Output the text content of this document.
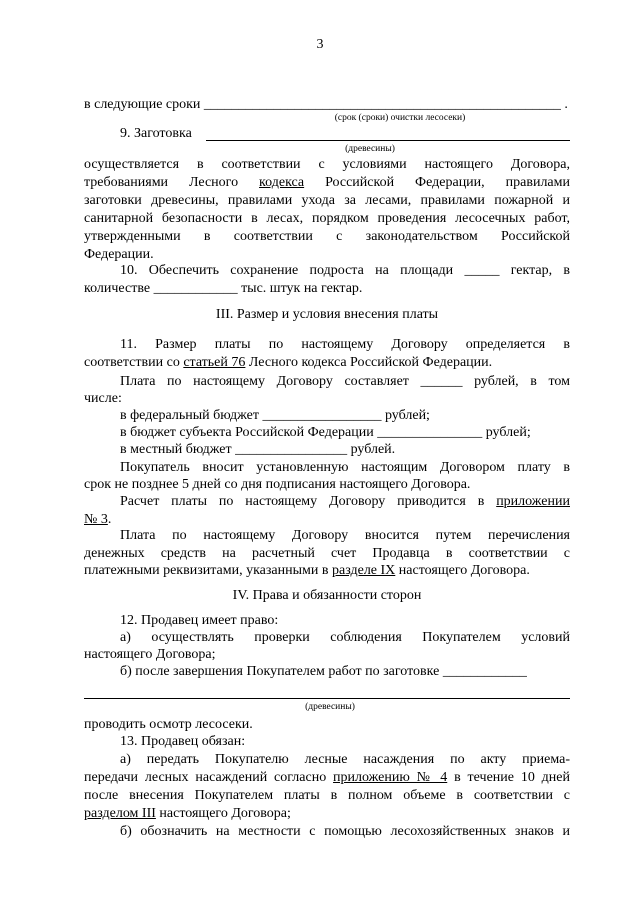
3
в следующие сроки ___________________________________________________ .
(срок (сроки) очистки лесосеки)
9. Заготовка
(древесины)
осуществляется в соответствии с условиями настоящего Договора,
требованиями Лесного кодекса Российской Федерации, правилами
заготовки древесины, правилами ухода за лесами, правилами пожарной и
санитарной безопасности в лесах, порядком проведения лесосечных работ,
утвержденными в соответствии с законодательством Российской
Федерации.
10. Обеспечить сохранение подроста на площади _____ гектар, в
количестве ____________ тыс. штук на гектар.
III. Размер и условия внесения платы
11. Размер платы по настоящему Договору определяется в
соответствии со статьей 76 Лесного кодекса Российской Федерации.
Плата по настоящему Договору составляет ______ рублей, в том
числе:
в федеральный бюджет _________________ рублей;
в бюджет субъекта Российской Федерации _______________ рублей;
в местный бюджет ________________ рублей.
Покупатель вносит установленную настоящим Договором плату в
срок не позднее 5 дней со дня подписания настоящего Договора.
Расчет платы по настоящему Договору приводится в приложении
№ 3.
Плата по настоящему Договору вносится путем перечисления
денежных средств на расчетный счет Продавца в соответствии с
платежными реквизитами, указанными в разделе IX настоящего Договора.
IV. Права и обязанности сторон
12. Продавец имеет право:
а) осуществлять проверки соблюдения Покупателем условий
настоящего Договора;
б) после завершения Покупателем работ по заготовке ____________
(древесины)
проводить осмотр лесосеки.
13. Продавец обязан:
а) передать Покупателю лесные насаждения по акту приема-
передачи лесных насаждений согласно приложению № 4 в течение 10 дней
после внесения Покупателем платы в полном объеме в соответствии с
разделом III настоящего Договора;
б) обозначить на местности с помощью лесохозяйственных знаков и
